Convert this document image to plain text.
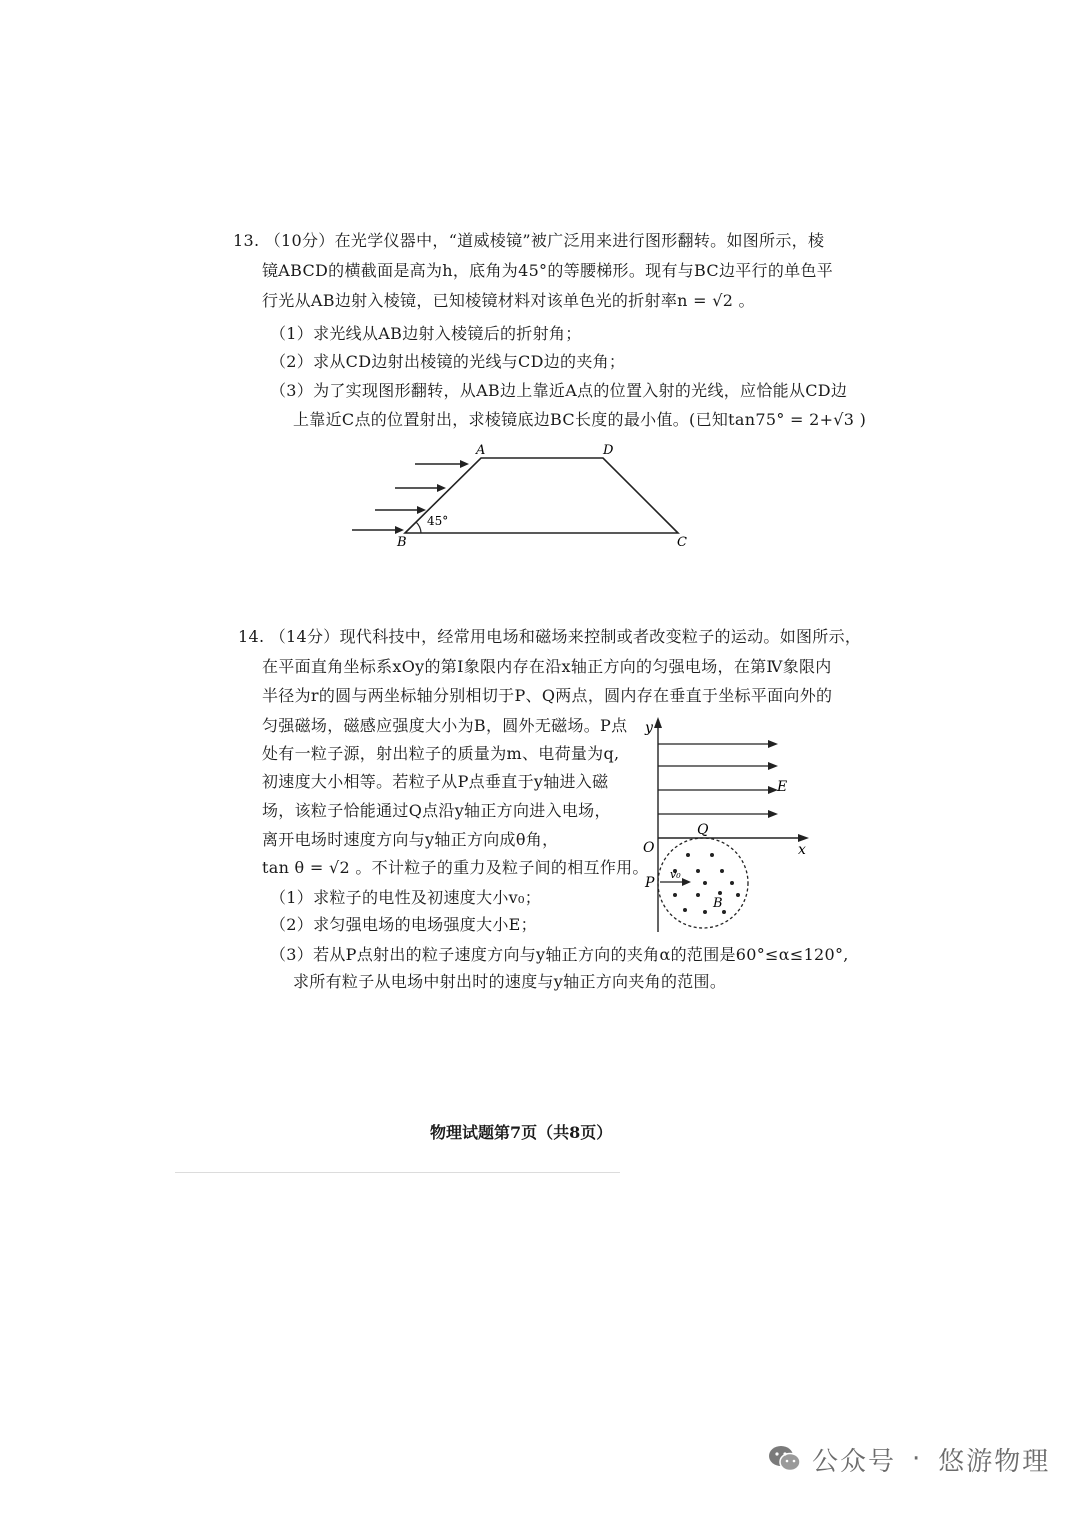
13. （10分）在光学仪器中，“道威棱镜”被广泛用来进行图形翻转。如图所示，棱
镜ABCD的横截面是高为h，底角为45°的等腰梯形。现有与BC边平行的单色平
行光从AB边射入棱镜，已知棱镜材料对该单色光的折射率n = √2 。
（1）求光线从AB边射入棱镜后的折射角；
（2）求从CD边射出棱镜的光线与CD边的夹角；
（3）为了实现图形翻转，从AB边上靠近A点的位置入射的光线，应恰能从CD边
上靠近C点的位置射出，求棱镜底边BC长度的最小值。(已知tan75° = 2+√3 )
45°
A	D
B	C
14. （14分）现代科技中，经常用电场和磁场来控制或者改变粒子的运动。如图所示，
在平面直角坐标系xOy的第Ⅰ象限内存在沿x轴正方向的匀强电场，在第Ⅳ象限内
半径为r的圆与两坐标轴分别相切于P、Q两点，圆内存在垂直于坐标平面向外的
匀强磁场，磁感应强度大小为B，圆外无磁场。P点
处有一粒子源，射出粒子的质量为m、电荷量为q,
初速度大小相等。若粒子从P点垂直于y轴进入磁
场，该粒子恰能通过Q点沿y轴正方向进入电场，
离开电场时速度方向与y轴正方向成θ角，
tan θ = √2 。不计粒子的重力及粒子间的相互作用。
（1）求粒子的电性及初速度大小v₀；
（2）求匀强电场的电场强度大小E；
（3）若从P点射出的粒子速度方向与y轴正方向的夹角α的范围是60°≤α≤120°,
求所有粒子从电场中射出时的速度与y轴正方向夹角的范围。
y
x
O
E
v₀
P
Q
B
物理试题第7页（共8页）
公众号 · 悠游物理
